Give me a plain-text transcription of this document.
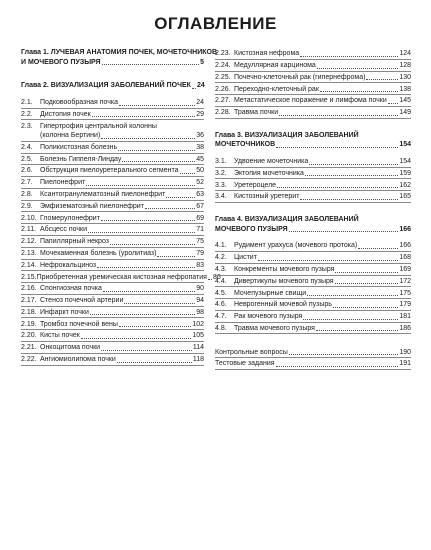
ОГЛАВЛЕНИЕ
Глава 1. ЛУЧЕВАЯ АНАТОМИЯ ПОЧЕК, МОЧЕТОЧНИКОВ
И МОЧЕВОГО ПУЗЫРЯ	5
Глава 2. ВИЗУАЛИЗАЦИЯ ЗАБОЛЕВАНИЙ ПОЧЕК 24
2.1.	Подковообразная почка	24
2.2.	Дистопия почек	29
2.3. Гипертрофия центральной колонны
(колонна Бертини)	36
2.4.	Поликистозная болезнь	38
2.5.	Болезнь Гиппеля-Линдау	45
2.6.	Обструкция пиелоуретерального сегмента	50
2.7.	Пиелонефрит	52
2.8.	Ксантогранулематозный пиелонефрит	63
2.9.	Эмфизематозный пиелонефрит	67
2.10. Гломерулонефрит	69
2.11. Абсцесс почки	71
2.12. Папиллярный некроз	75
2.13. Мочекаменная болезнь (уролитиаз)	79
2.14. Нефрокальциноз	83
2.15. Приобретенная уремическая кистозная нефропатия 86
2.16. Спонгиозная почка	90
2.17. Стеноз почечной артерии	94
2.18. Инфаркт почки	98
2.19. Тромбоз почечной вены	102
2.20. Кисты почек	105
2.21. Онкоцитома почки	114
2.22. Ангиомиолипома почки	118
2.23. Кистозная нефрома	124
2.24. Медуллярная карцинома	128
2.25. Почечно-клеточный рак (гипернефрома)	130
2.26. Переходно-клеточный рак	138
2.27. Метастатическое поражение и лимфома почки 145
2.28. Травма почки	149
Глава 3. ВИЗУАЛИЗАЦИЯ ЗАБОЛЕВАНИЙ
МОЧЕТОЧНИКОВ	154
3.1.	Удвоение мочеточника	154
3.2.	Эктопия мочеточника	159
3.3.	Уретероцеле	162
3.4.	Кистозный уретерит	165
Глава 4. ВИЗУАЛИЗАЦИЯ ЗАБОЛЕВАНИЙ
МОЧЕВОГО ПУЗЫРЯ	166
4.1.	Рудимент урахуса (мочевого протока)	166
4.2.	Цистит	168
4.3.	Конкременты мочевого пузыря	169
4.4.	Дивертикулы мочевого пузыря	172
4.5.	Мочепузырные свищи	175
4.6.	Неврогенный мочевой пузырь	179
4.7.	Рак мочевого пузыря	181
4.8.	Травма мочевого пузыря	186
Контрольные вопросы	190
Тестовые задания	191
